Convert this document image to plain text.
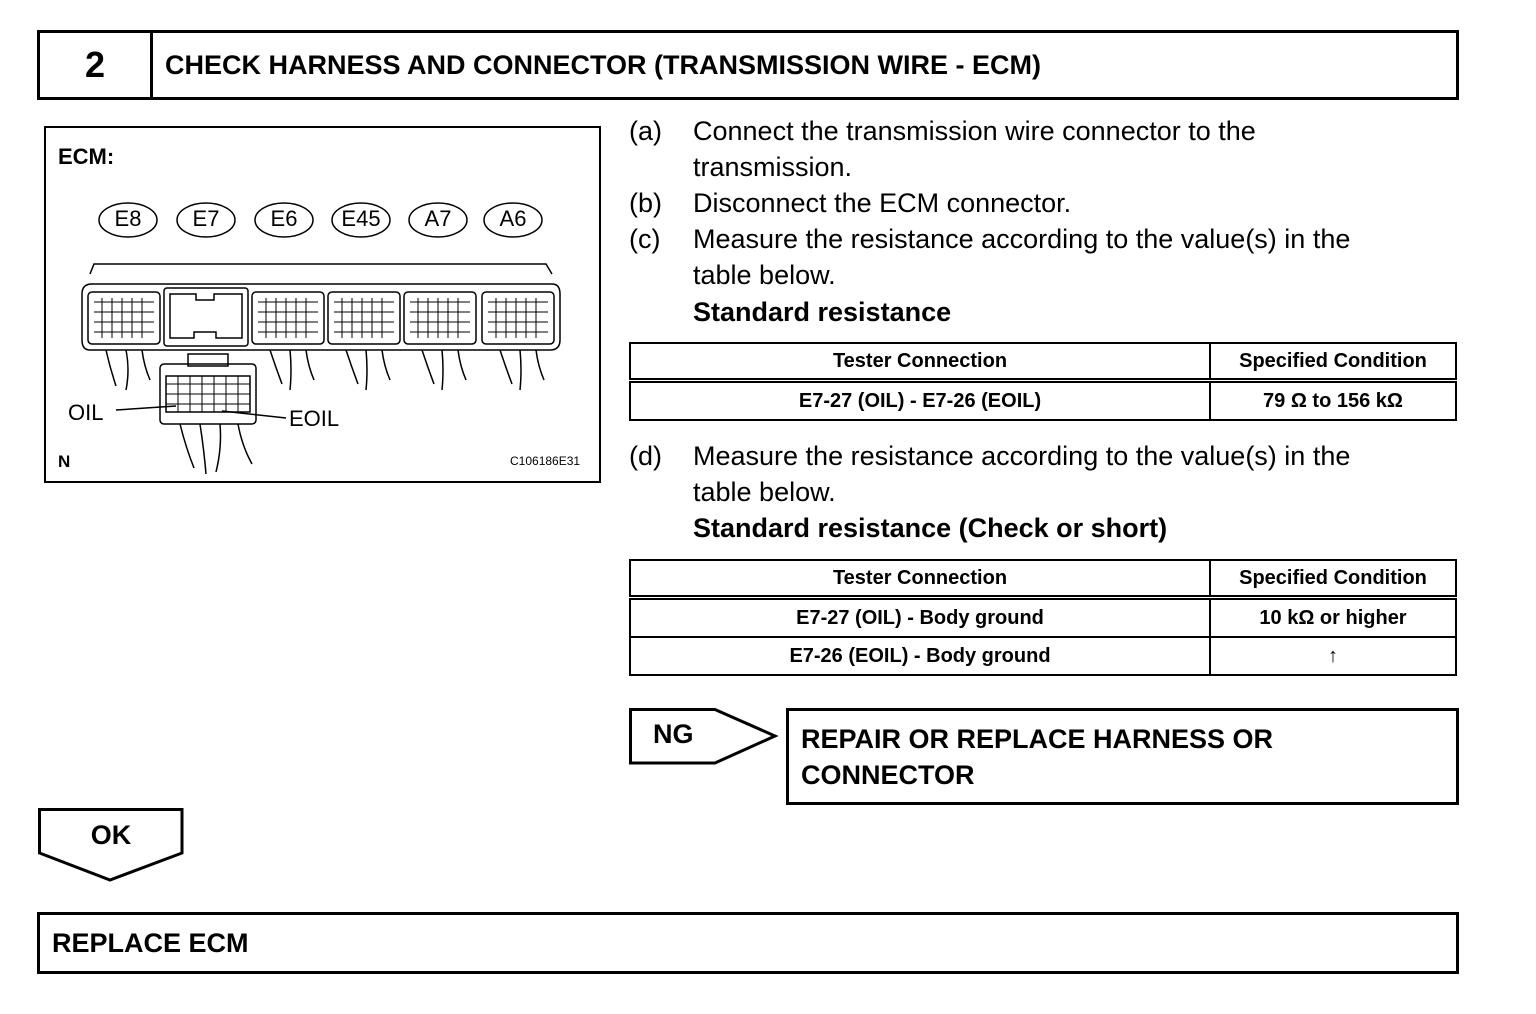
2	CHECK HARNESS AND CONNECTOR (TRANSMISSION WIRE - ECM)
ECM:
E8	E7	E6	E45	A7	A6
OIL	EOIL
N	C106186E31
(a) Connect the transmission wire connector to the
transmission.
(b) Disconnect the ECM connector.
(c) Measure the resistance according to the value(s) in the
table below.
Standard resistance
Tester Connection	Specified Condition
E7-27 (OIL) - E7-26 (EOIL)	79 Ω to 156 kΩ
(d) Measure the resistance according to the value(s) in the
table below.
Standard resistance (Check or short)
Tester Connection	Specified Condition
E7-27 (OIL) - Body ground	10 kΩ or higher
E7-26 (EOIL) - Body ground	↑
NG	REPAIR OR REPLACE HARNESS OR
CONNECTOR
OK
REPLACE ECM
